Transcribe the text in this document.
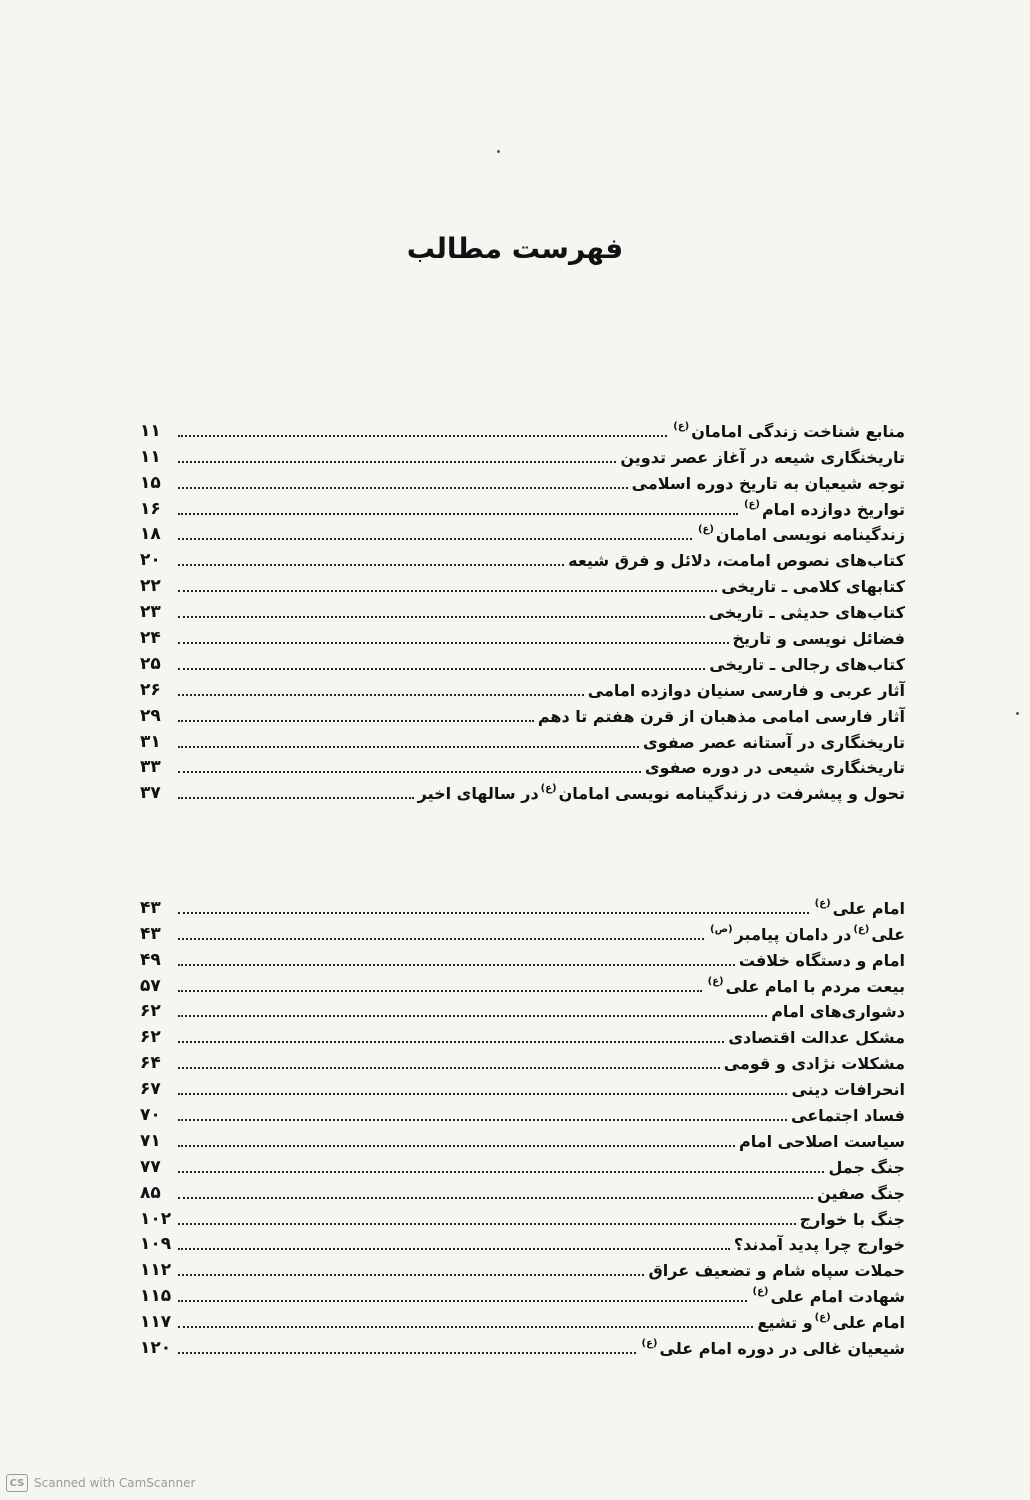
فهرست مطالب
منابع شناخت زندگی امامان$^{(ع)}$
۱۱
تاریخنگاری شیعه در آغاز عصر تدوین
۱۱
توجه شیعیان به تاریخ دوره اسلامی
۱۵
تواریخ دوازده امام$^{(ع)}$
۱۶
زندگینامه نویسی امامان$^{(ع)}$
۱۸
کتاب‌های نصوص امامت، دلائل و فرق شیعه
۲۰
کتابهای کلامی ـ تاریخی
۲۲
کتاب‌های حدیثی ـ تاریخی
۲۳
فضائل نویسی و تاریخ
۲۴
کتاب‌های رجالی ـ تاریخی
۲۵
آثار عربی و فارسی سنیان دوازده امامی
۲۶
آثار فارسی امامی مذهبان از قرن هفتم تا دهم
۲۹
تاریخنگاری در آستانه عصر صفوی
۳۱
تاریخنگاری شیعی در دوره صفوی
۳۳
تحول و پیشرفت در زندگینامه نویسی امامان$^{(ع)}$در سالهای اخیر
۳۷
امام علی$^{(ع)}$
۴۳
علی$^{(ع)}$در دامان پیامبر$^{(ص)}$
۴۳
امام و دستگاه خلافت
۴۹
بیعت مردم با امام علی$^{(ع)}$
۵۷
دشواری‌های امام
۶۲
مشکل عدالت اقتصادی
۶۲
مشکلات نژادی و قومی
۶۴
انحرافات دینی
۶۷
فساد اجتماعی
۷۰
سیاست اصلاحی امام
۷۱
جنگ جمل
۷۷
جنگ صفین
۸۵
جنگ با خوارج
۱۰۲
خوارج چرا پدید آمدند؟
۱۰۹
حملات سپاه شام و تضعیف عراق
۱۱۲
شهادت امام علی$^{(ع)}$
۱۱۵
امام علی$^{(ع)}$و تشیع
۱۱۷
شیعیان غالی در دوره امام علی$^{(ع)}$
۱۲۰
CS Scanned with CamScanner
